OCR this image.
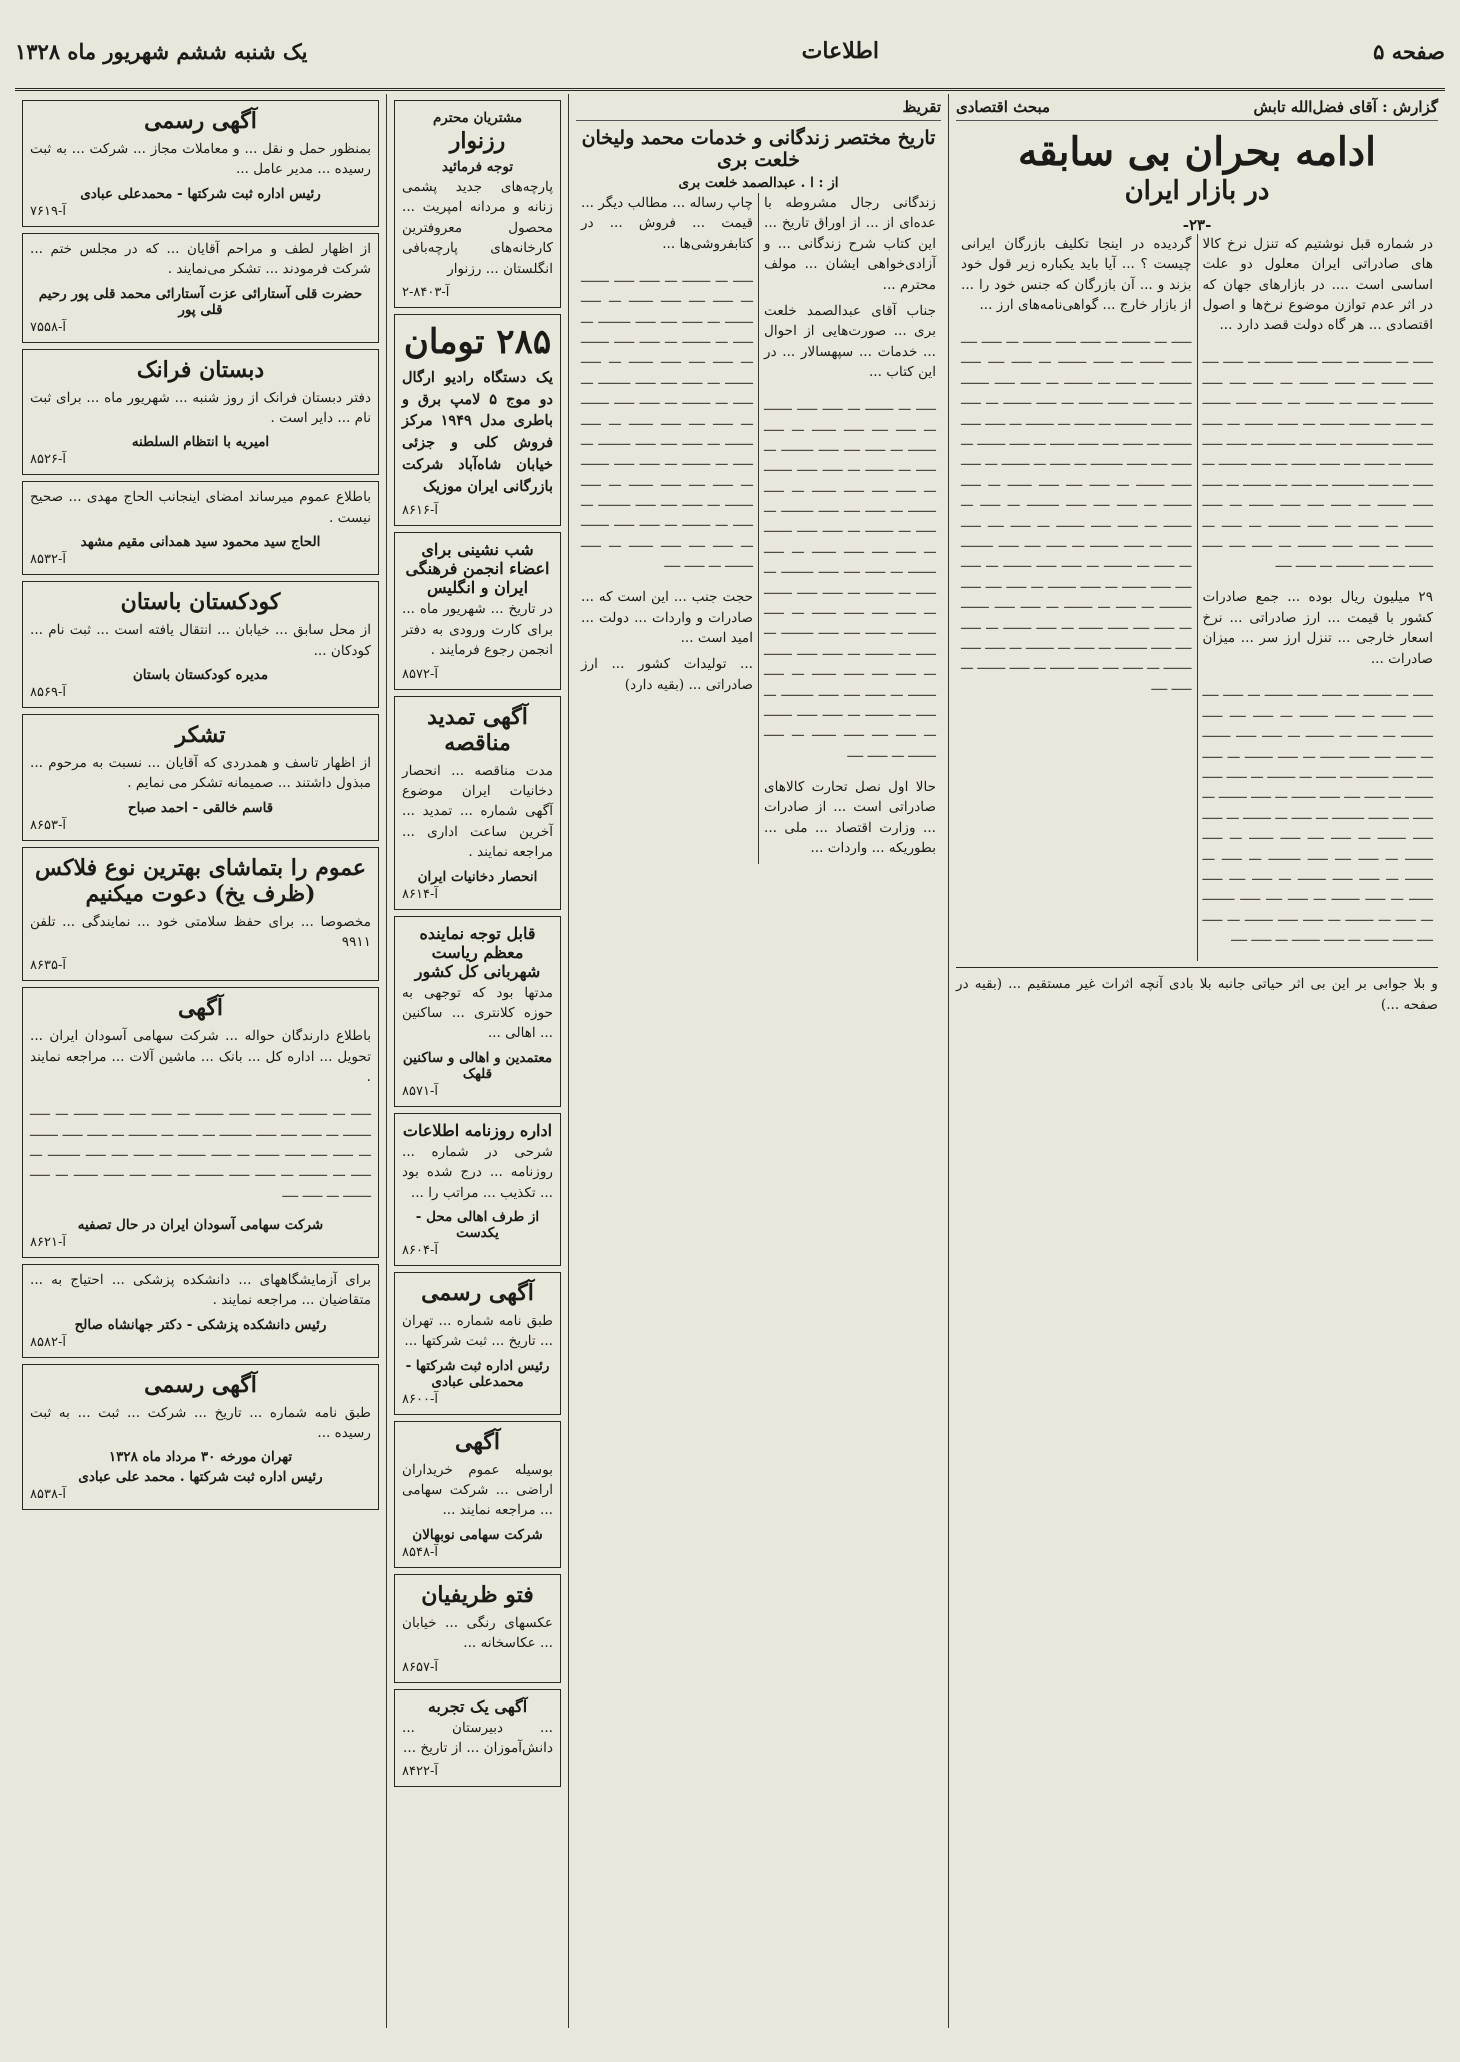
صفحه ۵
اطلاعات
یک شنبه ششم شهریور ماه ۱۳۲۸
گزارش : آقای فضل‌الله تابش
مبحث اقتصادی
ادامه بحران بی سابقه
در بازار ایران
-۲۳-

در شماره قبل نوشتیم که تنزل نرخ کالا های صادراتی ایران معلول دو علت اساسی است .... در بازارهای جهان که در اثر عدم توازن موضوع نرخ‌ها و اصول اقتصادی ... هر گاه دولت قصد دارد ...

ـــــ ـــ ـــــــ ـــ ـــــ ـــــ ـــــــ ـــ ـــــ ــــ ـــــ ــــــ ـــ ـــــ ـــــــ ـــ ـــــ ــــ ـــــ ــــــــ ـــ ـــــ ـــ ـــــــ ـــ ـــــ ـــــ ـــــــ ـــ ـــــ ــــ ـــــ ــــــ ـــ ـــــ ـــــــ ـــ ـــــ ــــ ـــــ ــــــــ ـــ ـــــ ـــ ـــــــ ـــ ـــــ ـــــ ـــــــ ـــ ـــــ ــــ ـــــ ــــــ ـــ ـــــ ـــــــ ـــ ـــــ ــــ ـــــ ــــــــ ـــ ـــــ ـــ ـــــــ ـــ ـــــ ـــــ ـــــــ ـــ ـــــ ــــ ـــــ ــــــ ـــ ـــــ ـــــــ ـــ ـــــ ــــ ـــــ ــــــــ ـــ ـــــ ـــ ـــــــ ـــ ـــــ ـــــ ـــــــ ـــ ـــــ ــــ ـــــ ــــــ ـــ ـــــ ـــــــ ـــ ـــــ ــــ

۲۹ میلیون ریال بوده ... جمع صادرات کشور با قیمت ... ارز صادراتی ... نرخ اسعار خارجی ... تنزل ارز سر ... میزان صادرات ...

ـــــ ـــ ـــــــ ـــ ـــــ ـــــ ـــــــ ـــ ـــــ ــــ ـــــ ــــــ ـــ ـــــ ـــــــ ـــ ـــــ ــــ ـــــ ــــــــ ـــ ـــــ ـــ ـــــــ ـــ ـــــ ـــــ ـــــــ ـــ ـــــ ــــ ـــــ ــــــ ـــ ـــــ ـــــــ ـــ ـــــ ــــ ـــــ ــــــــ ـــ ـــــ ـــ ـــــــ ـــ ـــــ ـــــ ـــــــ ـــ ـــــ ــــ ـــــ ــــــ ـــ ـــــ ـــــــ ـــ ـــــ ــــ ـــــ ــــــــ ـــ ـــــ ـــ ـــــــ ـــ ـــــ ـــــ ـــــــ ـــ ـــــ ــــ ـــــ ــــــ ـــ ـــــ ـــــــ ـــ ـــــ ــــ ـــــ ــــــــ ـــ ـــــ ـــ ـــــــ ـــ ـــــ ـــــ ـــــــ ـــ ـــــ ــــ ـــــ ــــــ ـــ ـــــ ـــــــ ـــ ـــــ ــــ ـــــ ــــــــ ـــ ـــــ ـــ ـــــــ ـــ ـــــ ـــــ ـــــــ ـــ ـــــ ــــ ـــــ ــــــ ـــ ـــــ ـــــــ ـــ ـــــ ــــ

گردیده در اینجا تکلیف بازرگان ایرانی چیست ؟ ... آیا باید یکباره زیر قول خود بزند و ... آن بازرگان که جنس خود را ... از بازار خارج ... گواهی‌نامه‌های ارز ...

ـــــ ـــ ـــــــ ـــ ـــــ ـــــ ـــــــ ـــ ـــــ ــــ ـــــ ــــــ ـــ ـــــ ـــــــ ـــ ـــــ ــــ ـــــ ــــــــ ـــ ـــــ ـــ ـــــــ ـــ ـــــ ـــــ ـــــــ ـــ ـــــ ــــ ـــــ ــــــ ـــ ـــــ ـــــــ ـــ ـــــ ــــ ـــــ ــــــــ ـــ ـــــ ـــ ـــــــ ـــ ـــــ ـــــ ـــــــ ـــ ـــــ ــــ ـــــ ــــــ ـــ ـــــ ـــــــ ـــ ـــــ ــــ ـــــ ــــــــ ـــ ـــــ ـــ ـــــــ ـــ ـــــ ـــــ ـــــــ ـــ ـــــ ــــ ـــــ ــــــ ـــ ـــــ ـــــــ ـــ ـــــ ــــ ـــــ ــــــــ ـــ ـــــ ـــ ـــــــ ـــ ـــــ ـــــ ـــــــ ـــ ـــــ ــــ ـــــ ــــــ ـــ ـــــ ـــــــ ـــ ـــــ ــــ ـــــ ــــــــ ـــ ـــــ ـــ ـــــــ ـــ ـــــ ـــــ ـــــــ ـــ ـــــ ــــ ـــــ ــــــ ـــ ـــــ ـــــــ ـــ ـــــ ــــ ـــــ ــــــــ ـــ ـــــ ـــ ـــــــ ـــ ـــــ ـــــ ـــــــ ـــ ـــــ ــــ ـــــ ــــــ ـــ ـــــ ـــــــ ـــ ـــــ ــــ ـــــ ــــــــ ـــ ـــــ ـــ ـــــــ ـــ ـــــ ـــــ ـــــــ ـــ ـــــ ــــ ـــــ ــــــ ـــ ـــــ ـــــــ ـــ ـــــ ــــ

و بلا جوابی بر این بی اثر حیاتی جانبه بلا بادی آنچه اثرات غیر مستقیم ... (بقیه در صفحه ...)

تقریظ
تاریخ مختصر زندگانی و خدمات محمد ولیخان خلعت بری
از : ا . عبدالصمد خلعت بری

زندگانی رجال مشروطه با عده‌ای از ... از اوراق تاریخ ... این کتاب شرح زندگانی ... و آزادی‌خواهی ایشان ... مولف محترم ...

جناب آقای عبدالصمد خلعت بری ... صورت‌هایی از احوال ... خدمات ... سپهسالار ... در این کتاب ...

ـــــ ـــ ـــــــ ـــ ـــــ ـــــ ـــــــ ـــ ـــــ ــــ ـــــ ــــــ ـــ ـــــ ـــــــ ـــ ـــــ ــــ ـــــ ــــــــ ـــ ـــــ ـــ ـــــــ ـــ ـــــ ـــــ ـــــــ ـــ ـــــ ــــ ـــــ ــــــ ـــ ـــــ ـــــــ ـــ ـــــ ــــ ـــــ ــــــــ ـــ ـــــ ـــ ـــــــ ـــ ـــــ ـــــ ـــــــ ـــ ـــــ ــــ ـــــ ــــــ ـــ ـــــ ـــــــ ـــ ـــــ ــــ ـــــ ــــــــ ـــ ـــــ ـــ ـــــــ ـــ ـــــ ـــــ ـــــــ ـــ ـــــ ــــ ـــــ ــــــ ـــ ـــــ ـــــــ ـــ ـــــ ــــ ـــــ ــــــــ ـــ ـــــ ـــ ـــــــ ـــ ـــــ ـــــ ـــــــ ـــ ـــــ ــــ ـــــ ــــــ ـــ ـــــ ـــــــ ـــ ـــــ ــــ ـــــ ــــــــ ـــ ـــــ ـــ ـــــــ ـــ ـــــ ـــــ ـــــــ ـــ ـــــ ــــ ـــــ ــــــ ـــ ـــــ ـــــــ ـــ ـــــ ــــ

حالا اول نصل تحارت کالاهای صادراتی است ... از صادرات ... وزارت اقتصاد ... ملی ... بطوریکه ... واردات ...

چاپ رساله ... مطالب دیگر ... قیمت ... فروش ... در کتابفروشی‌ها ...

ـــــ ـــ ـــــــ ـــ ـــــ ـــــ ـــــــ ـــ ـــــ ــــ ـــــ ــــــ ـــ ـــــ ـــــــ ـــ ـــــ ــــ ـــــ ــــــــ ـــ ـــــ ـــ ـــــــ ـــ ـــــ ـــــ ـــــــ ـــ ـــــ ــــ ـــــ ــــــ ـــ ـــــ ـــــــ ـــ ـــــ ــــ ـــــ ــــــــ ـــ ـــــ ـــ ـــــــ ـــ ـــــ ـــــ ـــــــ ـــ ـــــ ــــ ـــــ ــــــ ـــ ـــــ ـــــــ ـــ ـــــ ــــ ـــــ ــــــــ ـــ ـــــ ـــ ـــــــ ـــ ـــــ ـــــ ـــــــ ـــ ـــــ ــــ ـــــ ــــــ ـــ ـــــ ـــــــ ـــ ـــــ ــــ ـــــ ــــــــ ـــ ـــــ ـــ ـــــــ ـــ ـــــ ـــــ ـــــــ ـــ ـــــ ــــ ـــــ ــــــ ـــ ـــــ ـــــــ ـــ ـــــ ــــ

حجت جنب ... این است که ... صادرات و واردات ... دولت ... امید است ...

... تولیدات کشور ... ارز صادراتی ... (بقیه دارد)

مشتریان محترم
رزنوار
توجه فرمائید

پارچه‌های جدید پشمی زنانه و مردانه امپریت ... محصول معروفترین کارخانه‌های پارچه‌بافی انگلستان ... رزنوار

آ-۸۴۰۳-۲
۲۸۵ تومان

یک دستگاه رادیو ارگال دو موج ۵ لامپ برق و باطری مدل ۱۹۴۹ مرکز فروش کلی و جزئی خیابان شاه‌آباد شرکت بازرگانی ایران موزیک

آ-۸۶۱۶
شب نشینی برای اعضاء انجمن فرهنگی ایران و انگلیس

در تاریخ ... شهریور ماه ... برای کارت ورودی به دفتر انجمن رجوع فرمایند .

آ-۸۵۷۲
آگهی تمدید مناقصه

مدت مناقصه ... انحصار دخانیات ایران موضوع آگهی شماره ... تمدید ... آخرین ساعت اداری ... مراجعه نمایند .

انحصار دخانیات ایران
آ-۸۶۱۴
قابل توجه نماینده معظم ریاست شهربانی کل کشور

مدتها بود که توجهی به حوزه کلانتری ... ساکنین ... اهالی ...

معتمدین و اهالی و ساکنین قلهک
آ-۸۵۷۱
اداره روزنامه اطلاعات

شرحی در شماره ... روزنامه ... درج شده بود ... تکذیب ... مراتب را ...

از طرف اهالی محل - یکدست
آ-۸۶۰۴
آگهی رسمی

طبق نامه شماره ... تهران ... تاریخ ... ثبت شرکتها ...

رئیس اداره ثبت شرکتها - محمدعلی عبادی
آ-۸۶۰۰
آگهی

بوسیله عموم خریداران اراضی ... شرکت سهامی ... مراجعه نمایند ...

شرکت سهامی نوبهالان
آ-۸۵۴۸
فتو ظریفیان

عکسهای رنگی ... خیابان ... عکاسخانه ...

آ-۸۶۵۷
آگهی یک تجربه

... دبیرستان ... دانش‌آموزان ... از تاریخ ...

آ-۸۴۲۲
آگهی رسمی

بمنظور حمل و نقل ... و معاملات مجاز ... شرکت ... به ثبت رسیده ... مدیر عامل ...

رئیس اداره ثبت شرکتها - محمدعلی عبادی
آ-۷۶۱۹

از اظهار لطف و مراحم آقایان ... که در مجلس ختم ... شرکت فرمودند ... تشکر می‌نمایند .

حضرت قلی آستارائی عزت آستارائی محمد قلی پور رحیم قلی پور
آ-۷۵۵۸
دبستان فرانک

دفتر دبستان فرانک از روز شنبه ... شهریور ماه ... برای ثبت نام ... دایر است .

امیریه با انتظام السلطنه
آ-۸۵۲۶

باطلاع عموم میرساند امضای اینجانب الحاج مهدی ... صحیح نیست .

الحاج سید محمود سید همدانی مقیم مشهد
آ-۸۵۳۲
کودکستان باستان

از محل سابق ... خیابان ... انتقال یافته است ... ثبت نام ... کودکان ...

مدیره کودکستان باستان
آ-۸۵۶۹
تشکر

از اظهار تاسف و همدردی که آقایان ... نسبت به مرحوم ... مبذول داشتند ... صمیمانه تشکر می نمایم .

قاسم خالقی - احمد صباح
آ-۸۶۵۳
عموم را بتماشای بهترین نوع فلاکس (ظرف یخ) دعوت میکنیم

مخصوصا ... برای حفظ سلامتی خود ... نمایندگی ... تلفن ۹۹۱۱

آ-۸۶۳۵
آگهی

باطلاع دارندگان حواله ... شرکت سهامی آسودان ایران ... تحویل ... اداره کل ... بانک ... ماشین آلات ... مراجعه نمایند .

ـــــ ـــ ـــــــ ـــ ـــــ ـــــ ـــــــ ـــ ـــــ ــــ ـــــ ــــــ ـــ ـــــ ـــــــ ـــ ـــــ ــــ ـــــ ــــــــ ـــ ـــــ ـــ ـــــــ ـــ ـــــ ـــــ ـــــــ ـــ ـــــ ــــ ـــــ ــــــ ـــ ـــــ ـــــــ ـــ ـــــ ــــ ـــــ ــــــــ ـــ ـــــ ـــ ـــــــ ـــ ـــــ ـــــ ـــــــ ـــ ـــــ ــــ ـــــ ــــــ ـــ ـــــ ـــــــ ـــ ـــــ ــــ

شرکت سهامی آسودان ایران در حال تصفیه
آ-۸۶۲۱

برای آزمایشگاههای ... دانشکده پزشکی ... احتیاج به ... متقاضیان ... مراجعه نمایند .

رئیس دانشکده پزشکی - دکتر جهانشاه صالح
آ-۸۵۸۲
آگهی رسمی

طبق نامه شماره ... تاریخ ... شرکت ... ثبت ... به ثبت رسیده ...

تهران مورخه ۳۰ مرداد ماه ۱۳۲۸
رئیس اداره ثبت شرکتها . محمد علی عبادی
آ-۸۵۳۸
